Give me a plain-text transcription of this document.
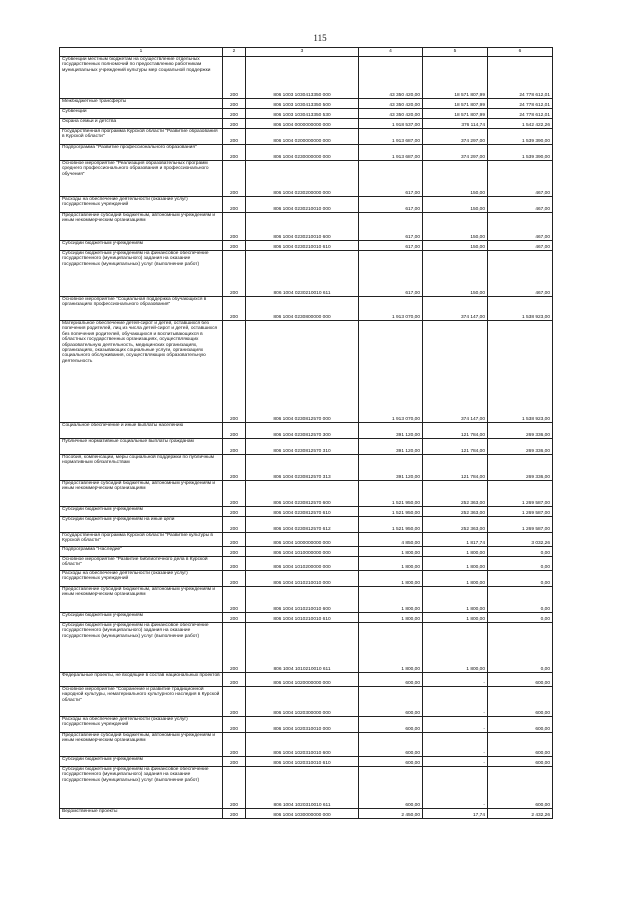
115
1	2	3	4	5	6
Субвенции местным бюджетам на осуществление отдельных государственных полномочий по предоставлению работникам муниципальных учреждений культуры мер социальной поддержки	200	806 1003 1030413350 000	43 350 420,00	18 571 807,99	24 778 612,01
Межбюджетные трансферты	200	806 1003 1030413350 500	43 350 420,00	18 571 807,99	24 778 612,01
Субвенции	200	806 1003 1030413350 530	43 350 420,00	18 571 807,99	24 778 612,01
Охрана семьи и детства	200	806 1004 0000000000 000	1 918 537,00	376 114,74	1 542 422,26
Государственная программа Курской области "Развитие образования в Курской области"	200	806 1004 0200000000 000	1 913 687,00	374 297,00	1 539 390,00
Подпрограмма "Развитие профессионального образования"	200	806 1004 0230000000 000	1 913 687,00	374 297,00	1 539 390,00
Основное мероприятие "Реализация образовательных программ среднего профессионального образования и профессионального обучения"	200	806 1004 0230200000 000	617,00	150,00	467,00
Расходы на обеспечение деятельности (оказание услуг) государственных учреждений	200	806 1004 0230210010 000	617,00	150,00	467,00
Предоставление субсидий бюджетным, автономным учреждениям и иным некоммерческим организациям	200	806 1004 0230210010 600	617,00	150,00	467,00
Субсидии бюджетным учреждениям	200	806 1004 0230210010 610	617,00	150,00	467,00
Субсидии бюджетным учреждениям на финансовое обеспечение государственного (муниципального) задания на оказание государственных (муниципальных) услуг (выполнение работ)	200	806 1004 0230210010 611	617,00	150,00	467,00
Основное мероприятие "Социальная поддержка обучающихся в организациях профессионального образования"	200	806 1004 0230800000 000	1 913 070,00	374 147,00	1 538 923,00
Материальное обеспечение детей-сирот и детей, оставшихся без попечения родителей, лиц из числа детей-сирот и детей, оставшихся без попечения родителей, обучающихся и воспитывающихся в областных государственных организациях, осуществляющих образовательную деятельность, медицинских организациях, организациях, оказывающих социальные услуги, организациях социального обслуживания, осуществляющих образовательную деятельность	200	806 1004 0230812570 000	1 913 070,00	374 147,00	1 538 923,00
Социальное обеспечение и иные выплаты населению	200	806 1004 0230812570 300	391 120,00	121 784,00	269 336,00
Публичные нормативные социальные выплаты гражданам	200	806 1004 0230812570 310	391 120,00	121 784,00	269 336,00
Пособия, компенсации, меры социальной поддержки по публичным нормативным обязательствам	200	806 1004 0230812570 313	391 120,00	121 784,00	269 336,00
Предоставление субсидий бюджетным, автономным учреждениям и иным некоммерческим организациям	200	806 1004 0230812570 600	1 521 950,00	252 363,00	1 269 587,00
Субсидии бюджетным учреждениям	200	806 1004 0230812570 610	1 521 950,00	252 363,00	1 269 587,00
Субсидии бюджетным учреждениям на иные цели	200	806 1004 0230812570 612	1 521 950,00	252 363,00	1 269 587,00
Государственная программа Курской области "Развитие культуры в Курской области"	200	806 1004 1000000000 000	4 850,00	1 817,74	3 032,26
Подпрограмма "Наследие"	200	806 1004 1010000000 000	1 800,00	1 800,00	0,00
Основное мероприятие "Развитие библиотечного дела в Курской области"	200	806 1004 1010200000 000	1 800,00	1 800,00	0,00
Расходы на обеспечение деятельности (оказание услуг) государственных учреждений	200	806 1004 1010210010 000	1 800,00	1 800,00	0,00
Предоставление субсидий бюджетным, автономным учреждениям и иным некоммерческим организациям	200	806 1004 1010210010 600	1 800,00	1 800,00	0,00
Субсидии бюджетным учреждениям	200	806 1004 1010210010 610	1 800,00	1 800,00	0,00
Субсидии бюджетным учреждениям на финансовое обеспечение государственного (муниципального) задания на оказание государственных (муниципальных) услуг (выполнение работ)	200	806 1004 1010210010 611	1 800,00	1 800,00	0,00
Федеральные проекты, не входящие в состав национальных проектов	200	806 1004 1020000000 000	600,00	-	600,00
Основное мероприятие "Сохранение и развитие традиционной народной культуры, нематериального культурного наследия в Курской области"	200	806 1004 1020300000 000	600,00	-	600,00
Расходы на обеспечение деятельности (оказание услуг) государственных учреждений	200	806 1004 1020310010 000	600,00	-	600,00
Предоставление субсидий бюджетным, автономным учреждениям и иным некоммерческим организациям	200	806 1004 1020310010 600	600,00	-	600,00
Субсидии бюджетным учреждениям	200	806 1004 1020310010 610	600,00	-	600,00
Субсидии бюджетным учреждениям на финансовое обеспечение государственного (муниципального) задания на оказание государственных (муниципальных) услуг (выполнение работ)	200	806 1004 1020310010 611	600,00	-	600,00
Ведомственные проекты	200	806 1004 1030000000 000	2 450,00	17,74	2 432,26
